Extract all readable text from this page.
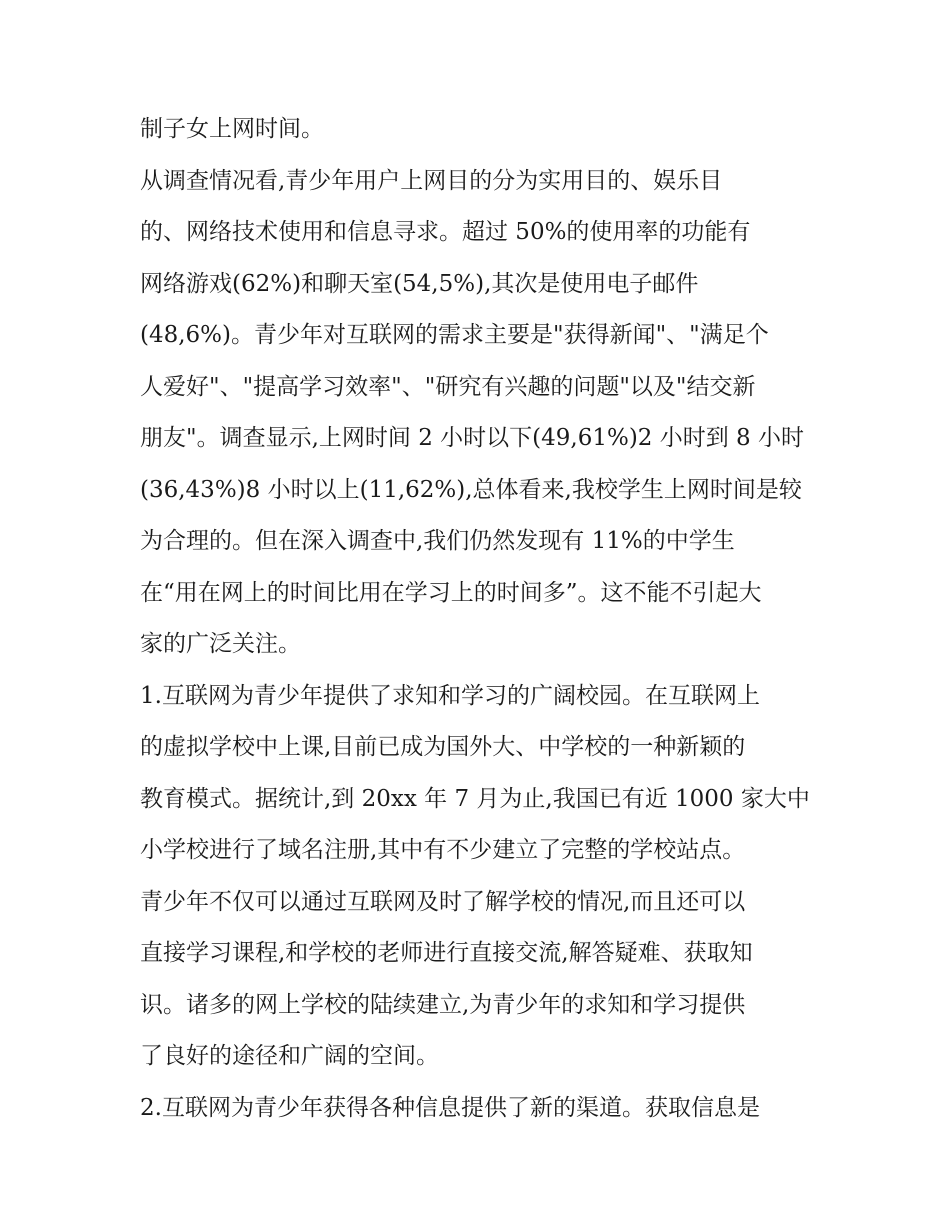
制子女上网时间。
从调查情况看,青少年用户上网目的分为实用目的、娱乐目
的、网络技术使用和信息寻求。超过 50%的使用率的功能有
网络游戏(62%)和聊天室(54,5%),其次是使用电子邮件
(48,6%)。青少年对互联网的需求主要是"获得新闻"、"满足个
人爱好"、"提高学习效率"、"研究有兴趣的问题"以及"结交新
朋友"。调查显示,上网时间 2 小时以下(49,61%)2 小时到 8 小时
(36,43%)8 小时以上(11,62%),总体看来,我校学生上网时间是较
为合理的。但在深入调查中,我们仍然发现有 11%的中学生
在“用在网上的时间比用在学习上的时间多”。这不能不引起大
家的广泛关注。
1.互联网为青少年提供了求知和学习的广阔校园。在互联网上
的虚拟学校中上课,目前已成为国外大、中学校的一种新颖的
教育模式。据统计,到 20xx 年 7 月为止,我国已有近 1000 家大中
小学校进行了域名注册,其中有不少建立了完整的学校站点。
青少年不仅可以通过互联网及时了解学校的情况,而且还可以
直接学习课程,和学校的老师进行直接交流,解答疑难、获取知
识。诸多的网上学校的陆续建立,为青少年的求知和学习提供
了良好的途径和广阔的空间。
2.互联网为青少年获得各种信息提供了新的渠道。获取信息是
